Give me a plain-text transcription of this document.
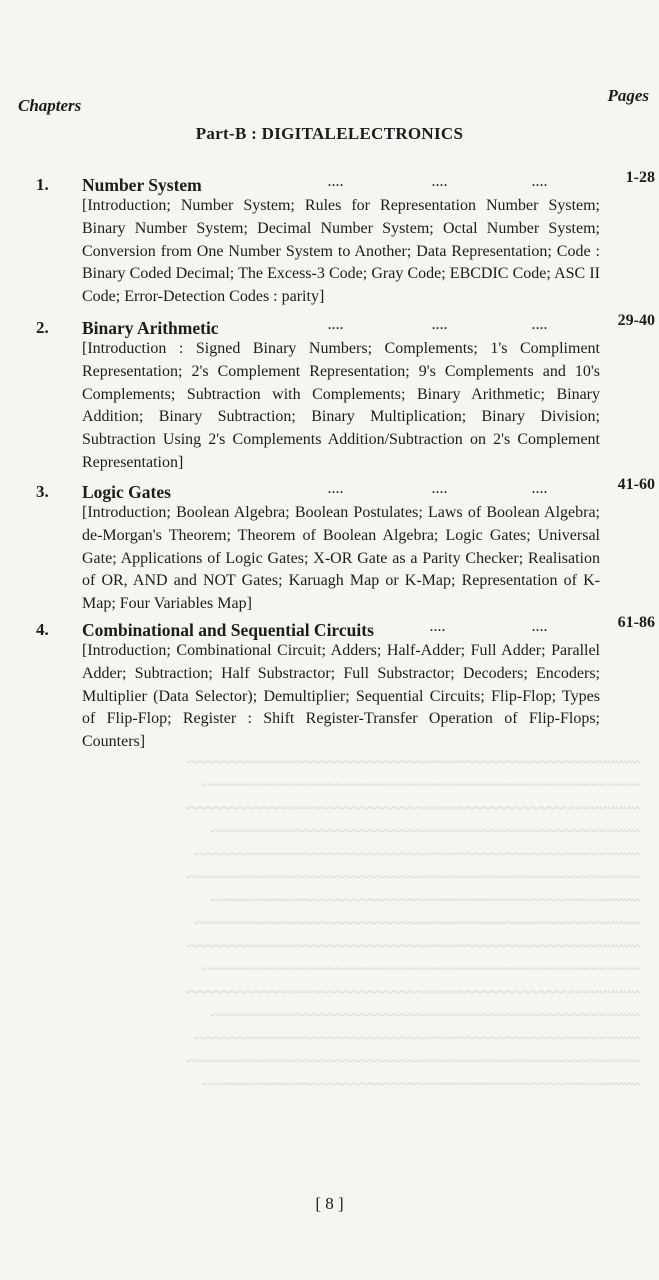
~~~~~~~~~~~~~~~~~~~~~~~~~~~~~~~~~~~~~~~~~~~~~~~~~~~~~~~~
~~~~~~~~~~~~~~~~~~~~~~~~~~~~~~~~~~~~~~~~~~~~~~~~~~~~~~
~~~~~~~~~~~~~~~~~~~~~~~~~~~~~~~~~~~~~~~~~~~~~~~~~~~~~~~~
~~~~~~~~~~~~~~~~~~~~~~~~~~~~~~~~~~~~~~~~~~~~~~~~~~~~~
~~~~~~~~~~~~~~~~~~~~~~~~~~~~~~~~~~~~~~~~~~~~~~~~~~~~~~~
~~~~~~~~~~~~~~~~~~~~~~~~~~~~~~~~~~~~~~~~~~~~~~~~~~~~~~~~
~~~~~~~~~~~~~~~~~~~~~~~~~~~~~~~~~~~~~~~~~~~~~~~~~~~~~
~~~~~~~~~~~~~~~~~~~~~~~~~~~~~~~~~~~~~~~~~~~~~~~~~~~~~~~
~~~~~~~~~~~~~~~~~~~~~~~~~~~~~~~~~~~~~~~~~~~~~~~~~~~~~~~~
~~~~~~~~~~~~~~~~~~~~~~~~~~~~~~~~~~~~~~~~~~~~~~~~~~~~~~
~~~~~~~~~~~~~~~~~~~~~~~~~~~~~~~~~~~~~~~~~~~~~~~~~~~~~~~~
~~~~~~~~~~~~~~~~~~~~~~~~~~~~~~~~~~~~~~~~~~~~~~~~~~~~~
~~~~~~~~~~~~~~~~~~~~~~~~~~~~~~~~~~~~~~~~~~~~~~~~~~~~~~~
~~~~~~~~~~~~~~~~~~~~~~~~~~~~~~~~~~~~~~~~~~~~~~~~~~~~~~~~
~~~~~~~~~~~~~~~~~~~~~~~~~~~~~~~~~~~~~~~~~~~~~~~~~~~~~~
Chapters
Pages
Part-B : DIGITALELECTRONICS
1. Number System	....	....	....	1-28
[Introduction; Number System; Rules for Representation Number System; Binary Number System; Decimal Number System; Octal Number System; Conversion from One Number System to Another; Data Representation; Code : Binary Coded Decimal; The Excess-3 Code; Gray Code; EBCDIC Code; ASC II Code; Error-Detection Codes : parity]
2. Binary Arithmetic	....	....	....	29-40
[Introduction : Signed Binary Numbers; Complements; 1's Compliment Representation; 2's Complement Representation; 9's Complements and 10's Complements; Subtraction with Complements; Binary Arithmetic; Binary Addition; Binary Subtraction; Binary Multiplication; Binary Division; Subtraction Using 2's Complements Addition/Subtraction on 2's Complement Representation]
3. Logic Gates	....	....	....	41-60
[Introduction; Boolean Algebra; Boolean Postulates; Laws of Boolean Algebra; de-Morgan's Theorem; Theorem of Boolean Algebra; Logic Gates; Universal Gate; Applications of Logic Gates; X-OR Gate as a Parity Checker; Realisation of OR, AND and NOT Gates; Karuagh Map or K-Map; Representation of K-Map; Four Variables Map]
4. Combinational and Sequential Circuits	....	....	61-86
[Introduction; Combinational Circuit; Adders; Half-Adder; Full Adder; Parallel Adder; Subtraction; Half Substractor; Full Substractor; Decoders; Encoders; Multiplier (Data Selector); Demultiplier; Sequential Circuits; Flip-Flop; Types of Flip-Flop; Register : Shift Register-Transfer Operation of Flip-Flops; Counters]
[ 8 ]
